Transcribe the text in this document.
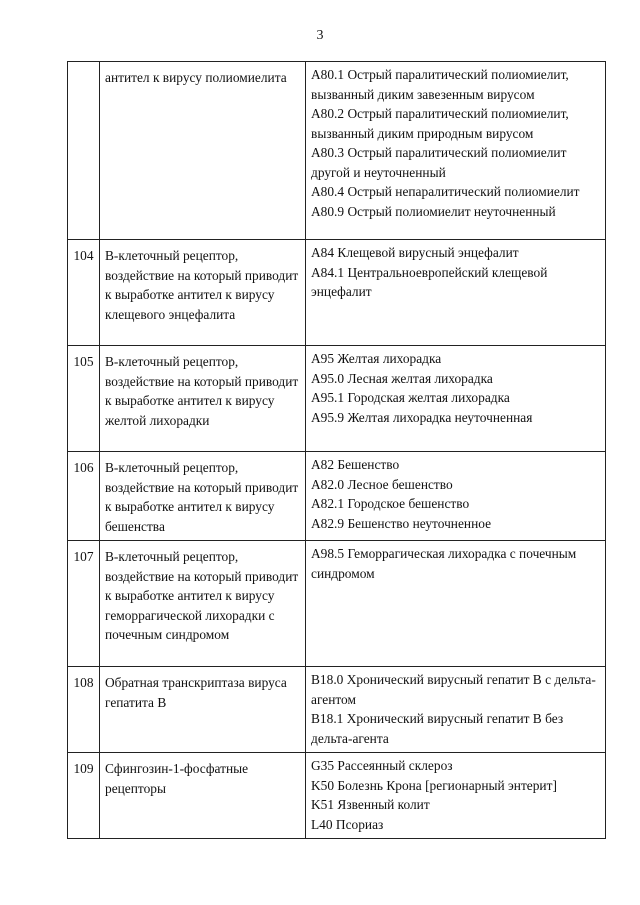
3
	антител к вирусу полиомиелита	A80.1 Острый паралитический полиомиелит, вызванный диким завезенным вирусом
A80.2 Острый паралитический полиомиелит, вызванный диким природным вирусом
A80.3 Острый паралитический полиомиелит другой и неуточненный
A80.4 Острый непаралитический полиомиелит
A80.9 Острый полиомиелит неуточненный

104	В-клеточный рецептор, воздействие на который приводит к выработке антител к вирусу клещевого энцефалита	A84 Клещевой вирусный энцефалит
A84.1 Центральноевропейский клещевой энцефалит

105	В-клеточный рецептор, воздействие на который приводит к выработке антител к вирусу желтой лихорадки	A95 Желтая лихорадка
A95.0 Лесная желтая лихорадка
A95.1 Городская желтая лихорадка
A95.9 Желтая лихорадка неуточненная

106	В-клеточный рецептор, воздействие на который приводит к выработке антител к вирусу бешенства	A82 Бешенство
A82.0 Лесное бешенство
A82.1 Городское бешенство
A82.9 Бешенство неуточненное

107	В-клеточный рецептор, воздействие на который приводит к выработке антител к вирусу геморрагической лихорадки с почечным синдромом	A98.5 Геморрагическая лихорадка с почечным синдромом

108	Обратная транскриптаза вируса гепатита В	B18.0 Хронический вирусный гепатит B с дельта-агентом
B18.1 Хронический вирусный гепатит B без дельта-агента

109	Сфингозин-1-фосфатные рецепторы	G35 Рассеянный склероз
K50 Болезнь Крона [регионарный энтерит]
K51 Язвенный колит
L40 Псориаз
